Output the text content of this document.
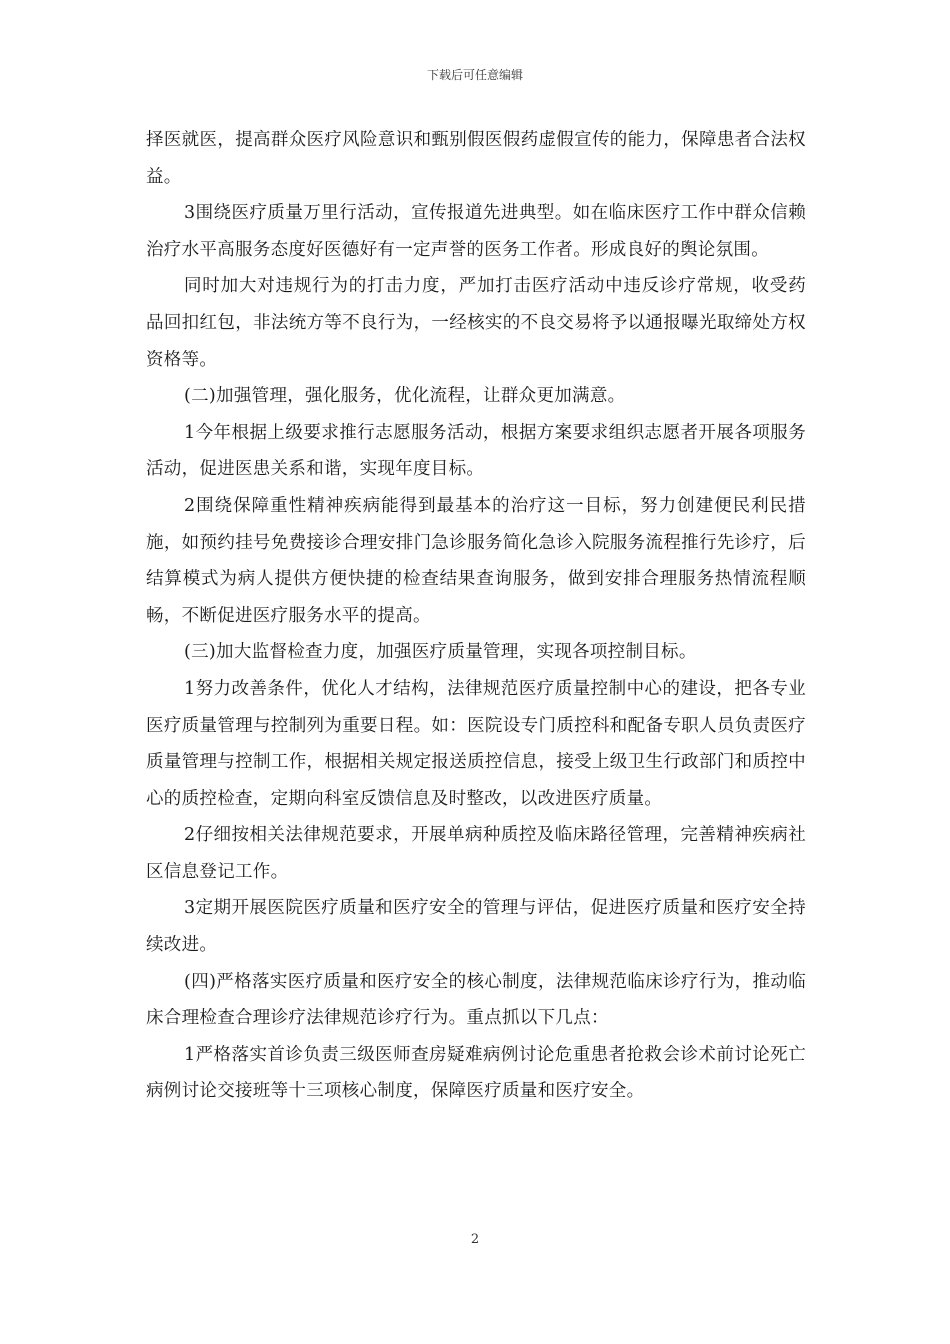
下载后可任意编辑

择医就医，提高群众医疗风险意识和甄别假医假药虚假宣传的能力，保障患者合法权益。

3围绕医疗质量万里行活动，宣传报道先进典型。如在临床医疗工作中群众信赖治疗水平高服务态度好医德好有一定声誉的医务工作者。形成良好的舆论氛围。

同时加大对违规行为的打击力度，严加打击医疗活动中违反诊疗常规，收受药品回扣红包，非法统方等不良行为，一经核实的不良交易将予以通报曝光取缔处方权资格等。

(二)加强管理，强化服务，优化流程，让群众更加满意。

1今年根据上级要求推行志愿服务活动，根据方案要求组织志愿者开展各项服务活动，促进医患关系和谐，实现年度目标。

2围绕保障重性精神疾病能得到最基本的治疗这一目标，努力创建便民利民措施，如预约挂号免费接诊合理安排门急诊服务简化急诊入院服务流程推行先诊疗，后结算模式为病人提供方便快捷的检查结果查询服务，做到安排合理服务热情流程顺畅，不断促进医疗服务水平的提高。

(三)加大监督检查力度，加强医疗质量管理，实现各项控制目标。

1努力改善条件，优化人才结构，法律规范医疗质量控制中心的建设，把各专业医疗质量管理与控制列为重要日程。如：医院设专门质控科和配备专职人员负责医疗质量管理与控制工作，根据相关规定报送质控信息，接受上级卫生行政部门和质控中心的质控检查，定期向科室反馈信息及时整改，以改进医疗质量。

2仔细按相关法律规范要求，开展单病种质控及临床路径管理，完善精神疾病社区信息登记工作。

3定期开展医院医疗质量和医疗安全的管理与评估，促进医疗质量和医疗安全持续改进。

(四)严格落实医疗质量和医疗安全的核心制度，法律规范临床诊疗行为，推动临床合理检查合理诊疗法律规范诊疗行为。重点抓以下几点：

1严格落实首诊负责三级医师查房疑难病例讨论危重患者抢救会诊术前讨论死亡病例讨论交接班等十三项核心制度，保障医疗质量和医疗安全。

2
